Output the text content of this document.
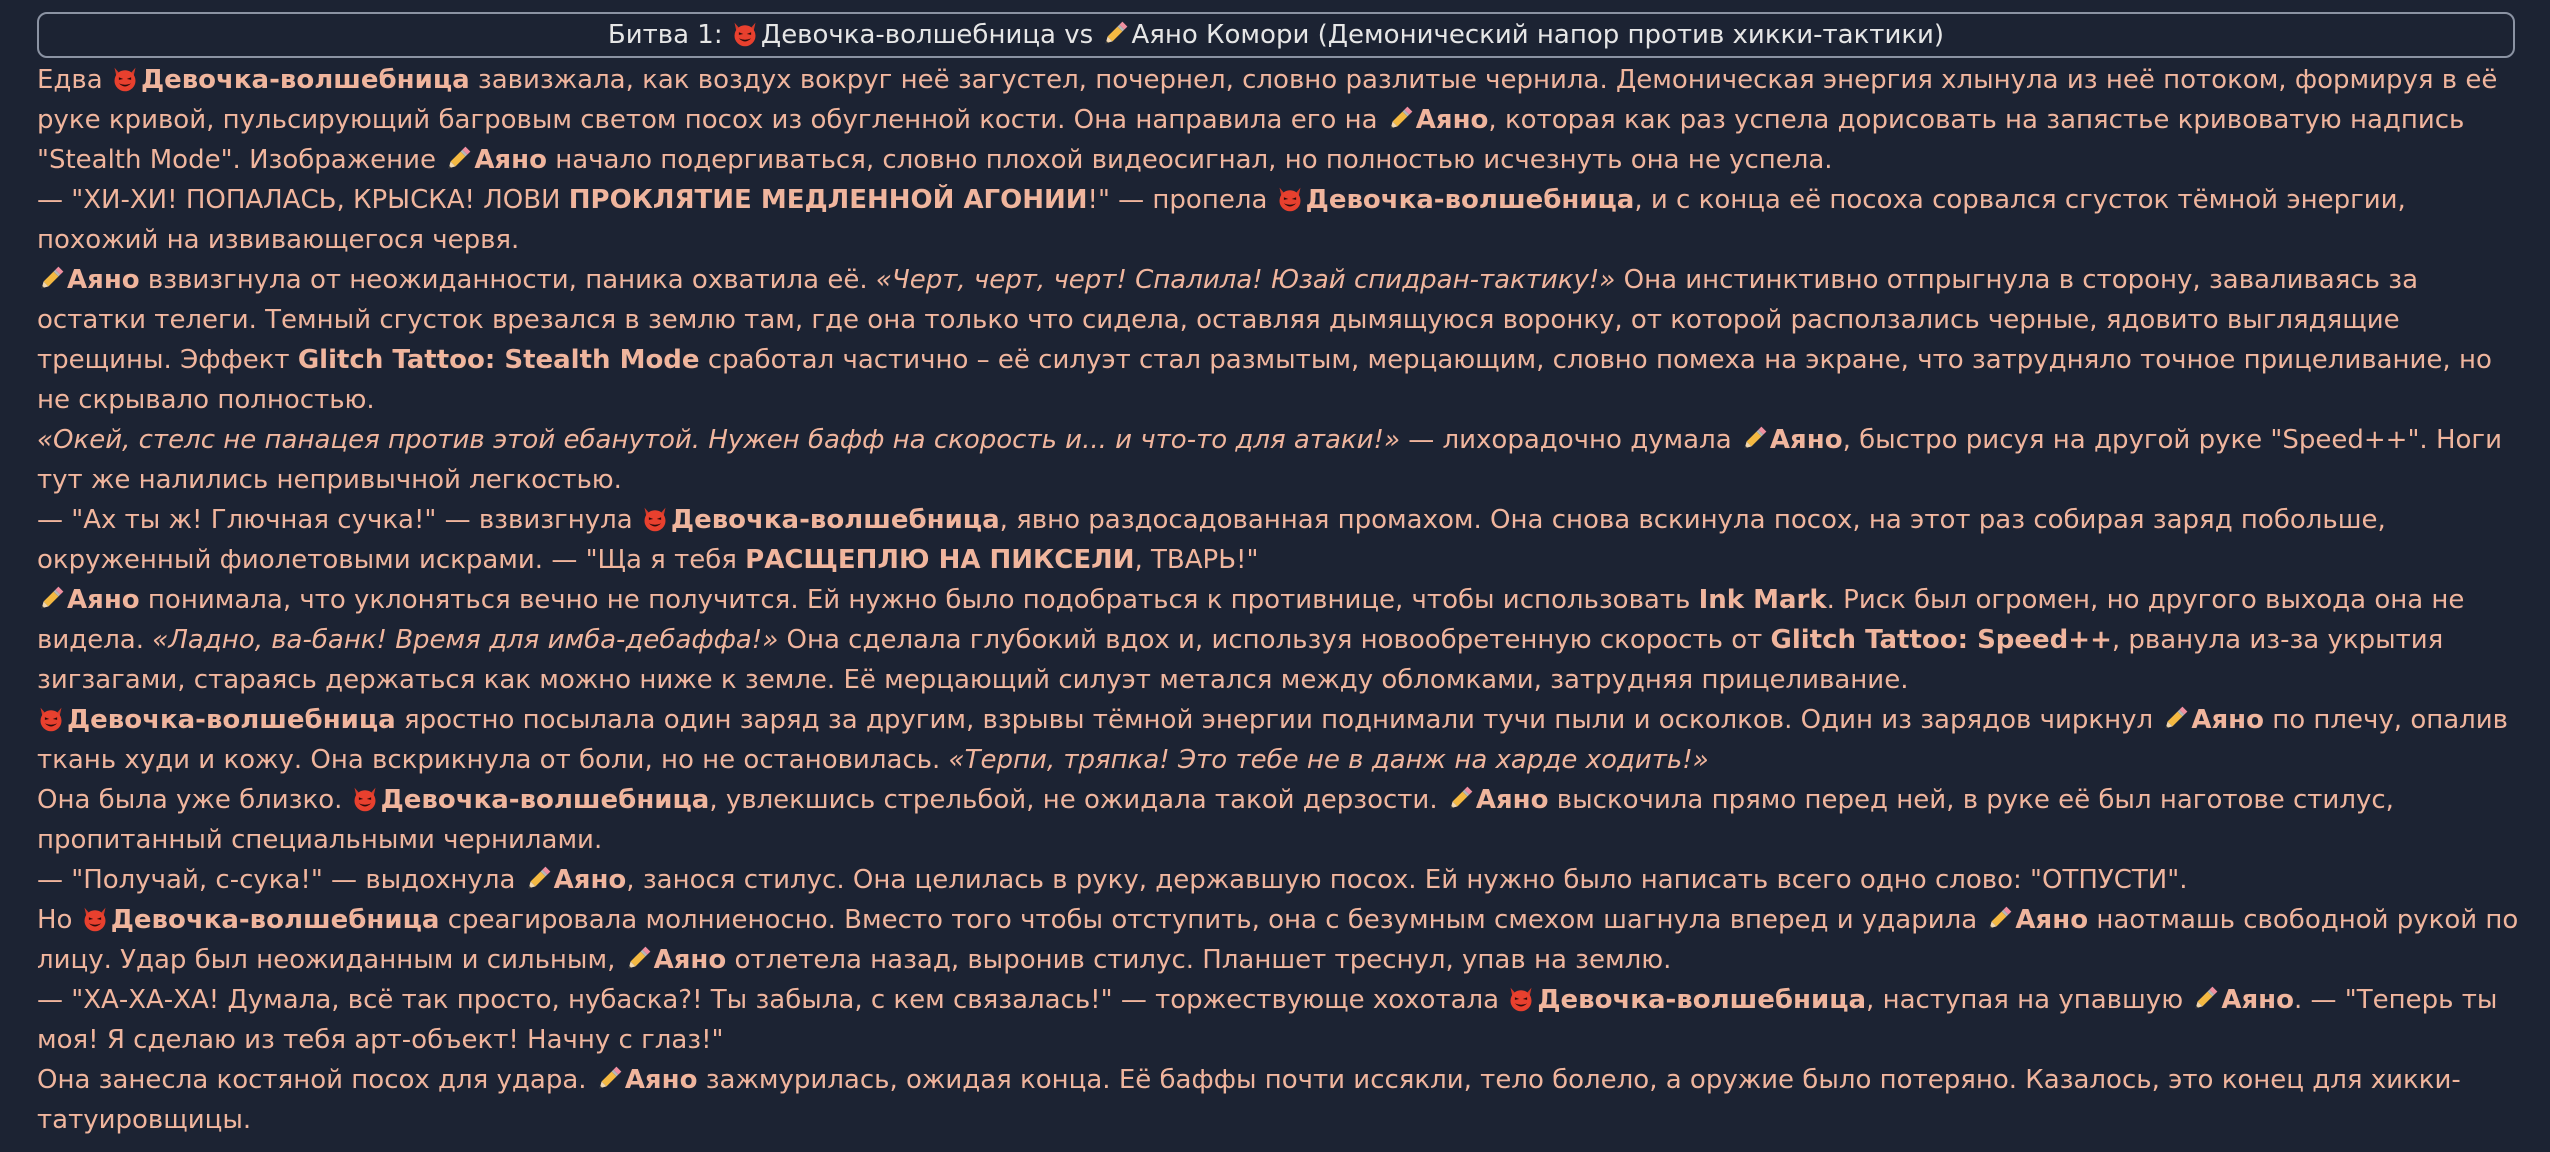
Битва 1: Девочка-волшебница vs Аяно Комори (Демонический напор против хикки-тактики)

Едва Девочка-волшебница завизжала, как воздух вокруг неё загустел, почернел, словно разлитые чернила. Демоническая энергия хлынула из неё потоком, формируя в её руке кривой, пульсирующий багровым светом посох из обугленной кости. Она направила его на Аяно, которая как раз успела дорисовать на запястье кривоватую надпись "Stealth Mode". Изображение Аяно начало подергиваться, словно плохой видеосигнал, но полностью исчезнуть она не успела.

— "ХИ-ХИ! ПОПАЛАСЬ, КРЫСКА! ЛОВИ ПРОКЛЯТИЕ МЕДЛЕННОЙ АГОНИИ!" — пропела Девочка-волшебница, и с конца её посоха сорвался сгусток тёмной энергии, похожий на извивающегося червя.

Аяно взвизгнула от неожиданности, паника охватила её. «Черт, черт, черт! Спалила! Юзай спидран-тактику!» Она инстинктивно отпрыгнула в сторону, заваливаясь за остатки телеги. Темный сгусток врезался в землю там, где она только что сидела, оставляя дымящуюся воронку, от которой расползались черные, ядовито выглядящие трещины. Эффект Glitch Tattoo: Stealth Mode сработал частично – её силуэт стал размытым, мерцающим, словно помеха на экране, что затрудняло точное прицеливание, но не скрывало полностью.

«Окей, стелс не панацея против этой ебанутой. Нужен бафф на скорость и... и что-то для атаки!» — лихорадочно думала Аяно, быстро рисуя на другой руке "Speed++". Ноги тут же налились непривычной легкостью.

— "Ах ты ж! Глючная сучка!" — взвизгнула Девочка-волшебница, явно раздосадованная промахом. Она снова вскинула посох, на этот раз собирая заряд побольше, окруженный фиолетовыми искрами. — "Ща я тебя РАСЩЕПЛЮ НА ПИКСЕЛИ, ТВАРЬ!"

Аяно понимала, что уклоняться вечно не получится. Ей нужно было подобраться к противнице, чтобы использовать Ink Mark. Риск был огромен, но другого выхода она не видела. «Ладно, ва-банк! Время для имба-дебаффа!» Она сделала глубокий вдох и, используя новообретенную скорость от Glitch Tattoo: Speed++, рванула из-за укрытия зигзагами, стараясь держаться как можно ниже к земле. Её мерцающий силуэт метался между обломками, затрудняя прицеливание.

Девочка-волшебница яростно посылала один заряд за другим, взрывы тёмной энергии поднимали тучи пыли и осколков. Один из зарядов чиркнул Аяно по плечу, опалив ткань худи и кожу. Она вскрикнула от боли, но не остановилась. «Терпи, тряпка! Это тебе не в данж на харде ходить!»

Она была уже близко. Девочка-волшебница, увлекшись стрельбой, не ожидала такой дерзости. Аяно выскочила прямо перед ней, в руке её был наготове стилус, пропитанный специальными чернилами.

— "Получай, с-сука!" — выдохнула Аяно, занося стилус. Она целилась в руку, державшую посох. Ей нужно было написать всего одно слово: "ОТПУСТИ".

Но Девочка-волшебница среагировала молниеносно. Вместо того чтобы отступить, она с безумным смехом шагнула вперед и ударила Аяно наотмашь свободной рукой по лицу. Удар был неожиданным и сильным, Аяно отлетела назад, выронив стилус. Планшет треснул, упав на землю.

— "ХА-ХА-ХА! Думала, всё так просто, нубаска?! Ты забыла, с кем связалась!" — торжествующе хохотала Девочка-волшебница, наступая на упавшую Аяно. — "Теперь ты моя! Я сделаю из тебя арт-объект! Начну с глаз!"

Она занесла костяной посох для удара. Аяно зажмурилась, ожидая конца. Её баффы почти иссякли, тело болело, а оружие было потеряно. Казалось, это конец для хикки-татуировщицы.
